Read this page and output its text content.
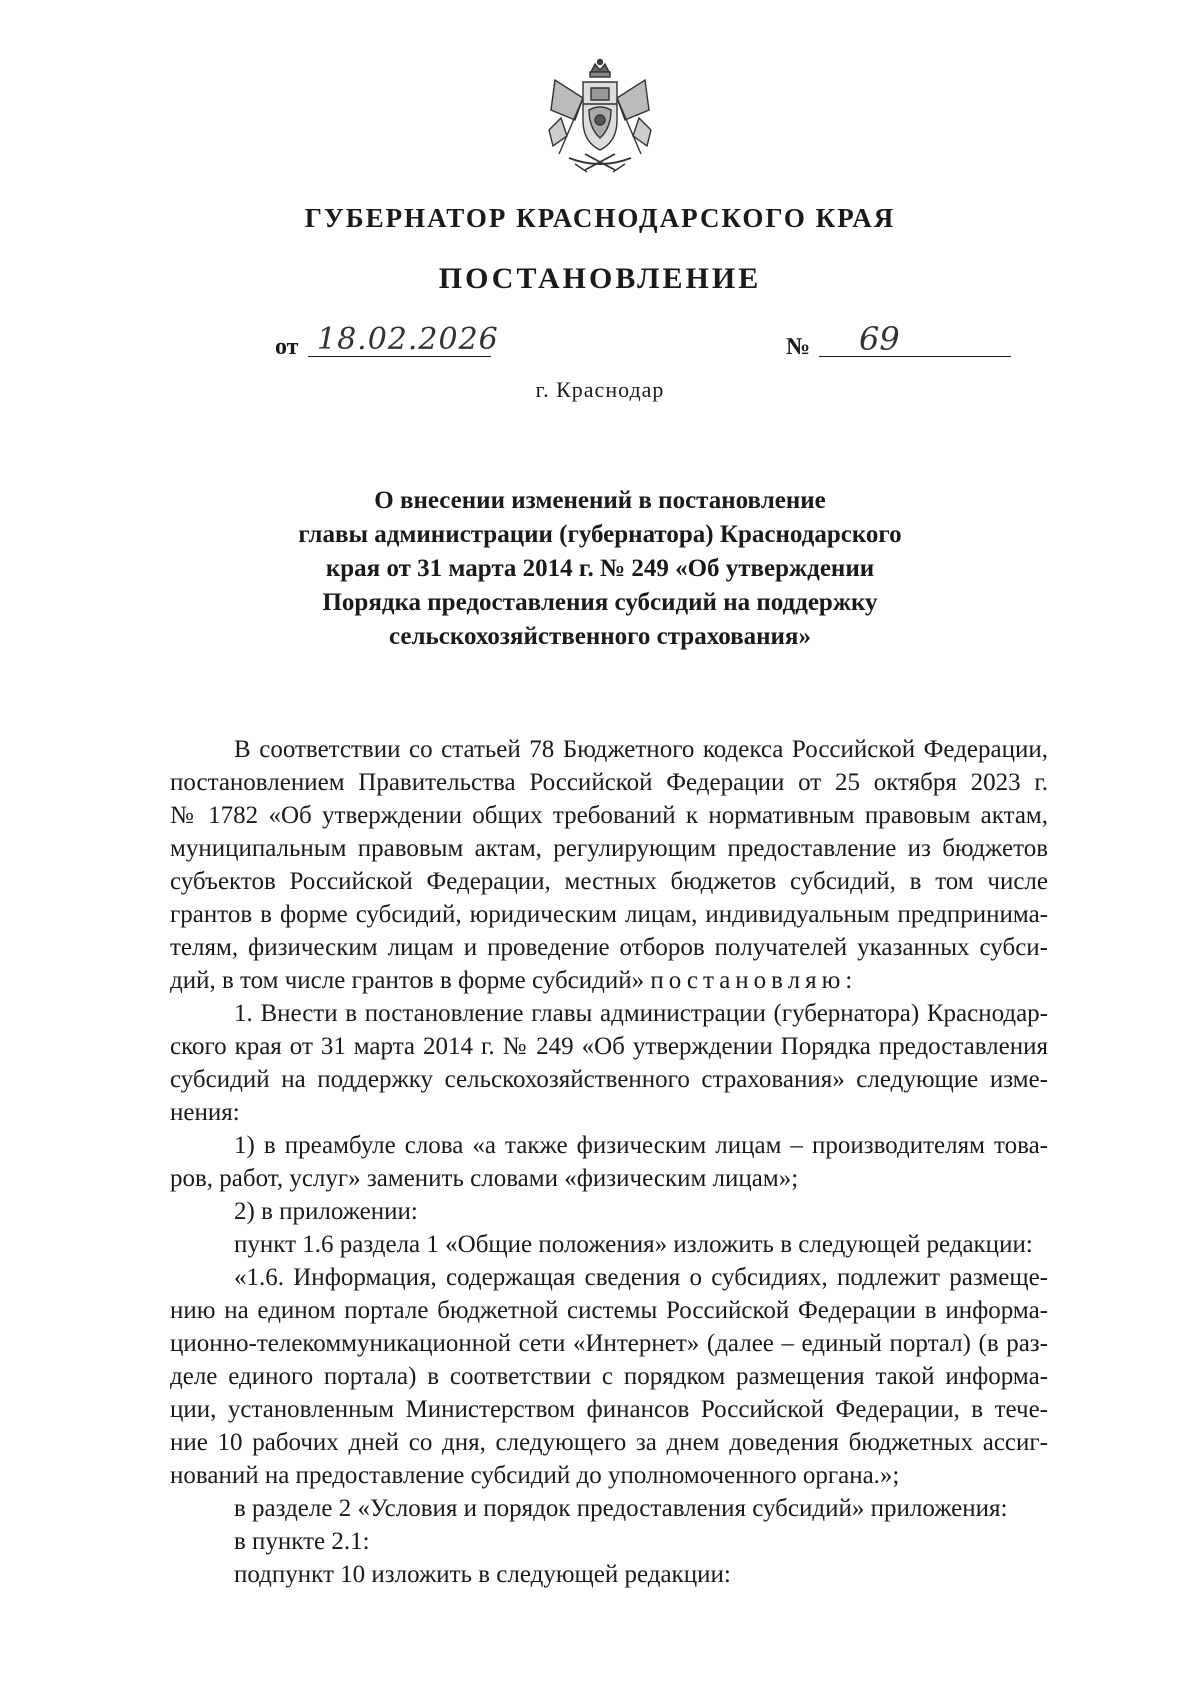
ГУБЕРНАТОР КРАСНОДАРСКОГО КРАЯ
ПОСТАНОВЛЕНИЕ
от 18.02.2026	№ 69
г. Краснодар
О внесении изменений в постановление
главы администрации (губернатора) Краснодарского
края от 31 марта 2014 г. № 249 «Об утверждении
Порядка предоставления субсидий на поддержку
сельскохозяйственного страхования»
В соответствии со статьей 78 Бюджетного кодекса Российской Федерации,
постановлением Правительства Российской Федерации от 25 октября 2023 г.
№ 1782 «Об утверждении общих требований к нормативным правовым актам,
муниципальным правовым актам, регулирующим предоставление из бюджетов
субъектов Российской Федерации, местных бюджетов субсидий, в том числе
грантов в форме субсидий, юридическим лицам, индивидуальным предпринима-
телям, физическим лицам и проведение отборов получателей указанных субси-
дий, в том числе грантов в форме субсидий» постановляю:
1. Внести в постановление главы администрации (губернатора) Краснодар-
ского края от 31 марта 2014 г. № 249 «Об утверждении Порядка предоставления
субсидий на поддержку сельскохозяйственного страхования» следующие изме-
нения:
1) в преамбуле слова «а также физическим лицам – производителям това-
ров, работ, услуг» заменить словами «физическим лицам»;
2) в приложении:
пункт 1.6 раздела 1 «Общие положения» изложить в следующей редакции:
«1.6. Информация, содержащая сведения о субсидиях, подлежит размеще-
нию на едином портале бюджетной системы Российской Федерации в информа-
ционно-телекоммуникационной сети «Интернет» (далее – единый портал) (в раз-
деле единого портала) в соответствии с порядком размещения такой информа-
ции, установленным Министерством финансов Российской Федерации, в тече-
ние 10 рабочих дней со дня, следующего за днем доведения бюджетных ассиг-
нований на предоставление субсидий до уполномоченного органа.»;
в разделе 2 «Условия и порядок предоставления субсидий» приложения:
в пункте 2.1:
подпункт 10 изложить в следующей редакции:
